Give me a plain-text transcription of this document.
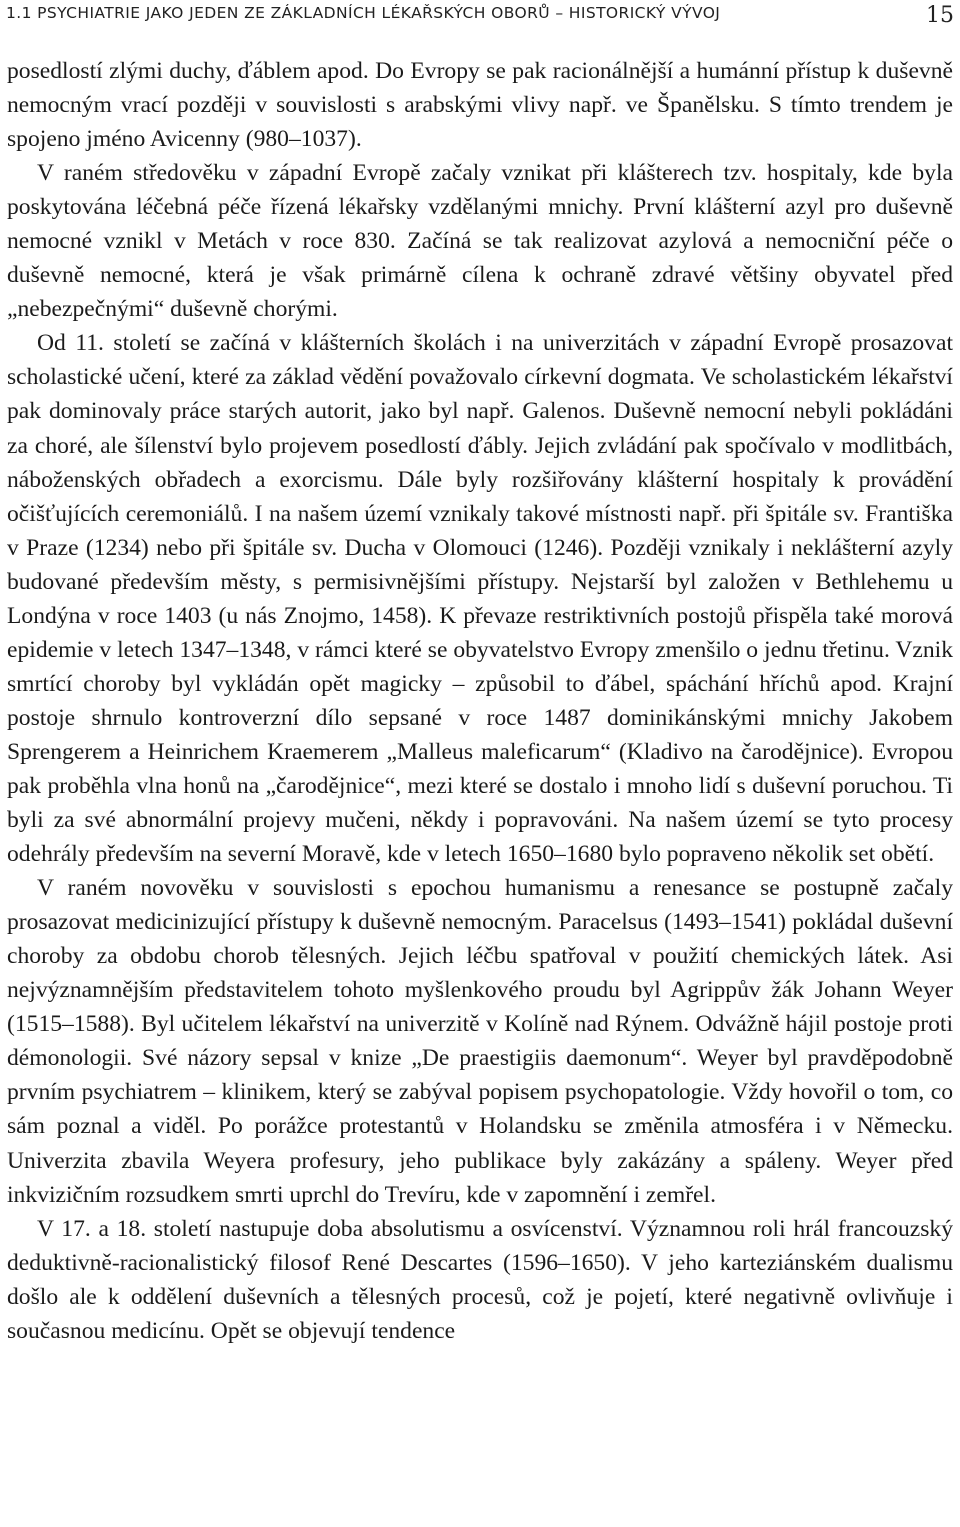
1.1 PSYCHIATRIE JAKO JEDEN ZE ZÁKLADNÍCH LÉKAŘSKÝCH OBORŮ – HISTORICKÝ VÝVOJ	15

posedlostí zlými duchy, ďáblem apod. Do Evropy se pak racionálnější a humánní přístup k duševně nemocným vrací později v souvislosti s arabskými vlivy např. ve Španělsku. S tímto trendem je spojeno jméno Avicenny (980–1037).

V raném středověku v západní Evropě začaly vznikat při klášterech tzv. hospitaly, kde byla poskytována léčebná péče řízená lékařsky vzdělanými mnichy. První klášterní azyl pro duševně nemocné vznikl v Metách v roce 830. Začíná se tak realizovat azylová a nemocniční péče o duševně nemocné, která je však primárně cílena k ochraně zdravé většiny obyvatel před „nebezpečnými“ duševně chorými.

Od 11. století se začíná v klášterních školách i na univerzitách v západní Evropě prosazovat scholastické učení, které za základ vědění považovalo církevní dogmata. Ve scholastickém lékařství pak dominovaly práce starých autorit, jako byl např. Galenos. Duševně nemocní nebyli pokládáni za choré, ale šílenství bylo projevem posedlostí ďábly. Jejich zvládání pak spočívalo v modlitbách, náboženských obřadech a exorcismu. Dále byly rozšiřovány klášterní hospitaly k provádění očišťujících ceremoniálů. I na našem území vznikaly takové místnosti např. při špitále sv. Františka v Praze (1234) nebo při špitále sv. Ducha v Olomouci (1246). Později vznikaly i neklášterní azyly budované především městy, s permisivnějšími přístupy. Nejstarší byl založen v Bethlehemu u Londýna v roce 1403 (u nás Znojmo, 1458). K převaze restriktivních postojů přispěla také morová epidemie v letech 1347–1348, v rámci které se obyvatelstvo Evropy zmenšilo o jednu třetinu. Vznik smrtící choroby byl vykládán opět magicky – způsobil to ďábel, spáchání hříchů apod. Krajní postoje shrnulo kontroverzní dílo sepsané v roce 1487 dominikánskými mnichy Jakobem Sprengerem a Heinrichem Kraemerem „Malleus maleficarum“ (Kladivo na čarodějnice). Evropou pak proběhla vlna honů na „čarodějnice“, mezi které se dostalo i mnoho lidí s duševní poruchou. Ti byli za své abnormální projevy mučeni, někdy i popravováni. Na našem území se tyto procesy odehrály především na severní Moravě, kde v letech 1650–1680 bylo popraveno několik set obětí.

V raném novověku v souvislosti s epochou humanismu a renesance se postupně začaly prosazovat medicinizující přístupy k duševně nemocným. Paracelsus (1493–1541) pokládal duševní choroby za obdobu chorob tělesných. Jejich léčbu spatřoval v použití chemických látek. Asi nejvýznamnějším představitelem tohoto myšlenkového proudu byl Agrippův žák Johann Weyer (1515–1588). Byl učitelem lékařství na univerzitě v Kolíně nad Rýnem. Odvážně hájil postoje proti démonologii. Své názory sepsal v knize „De praestigiis daemonum“. Weyer byl pravděpodobně prvním psychiatrem – klinikem, který se zabýval popisem psychopatologie. Vždy hovořil o tom, co sám poznal a viděl. Po porážce protestantů v Holandsku se změnila atmosféra i v Německu. Univerzita zbavila Weyera profesury, jeho publikace byly zakázány a spáleny. Weyer před inkvizičním rozsudkem smrti uprchl do Trevíru, kde v zapomnění i zemřel.

V 17. a 18. století nastupuje doba absolutismu a osvícenství. Významnou roli hrál francouzský deduktivně-racionalistický filosof René Descartes (1596–1650). V jeho karteziánském dualismu došlo ale k oddělení duševních a tělesných procesů, což je pojetí, které negativně ovlivňuje i současnou medicínu. Opět se objevují tendence
